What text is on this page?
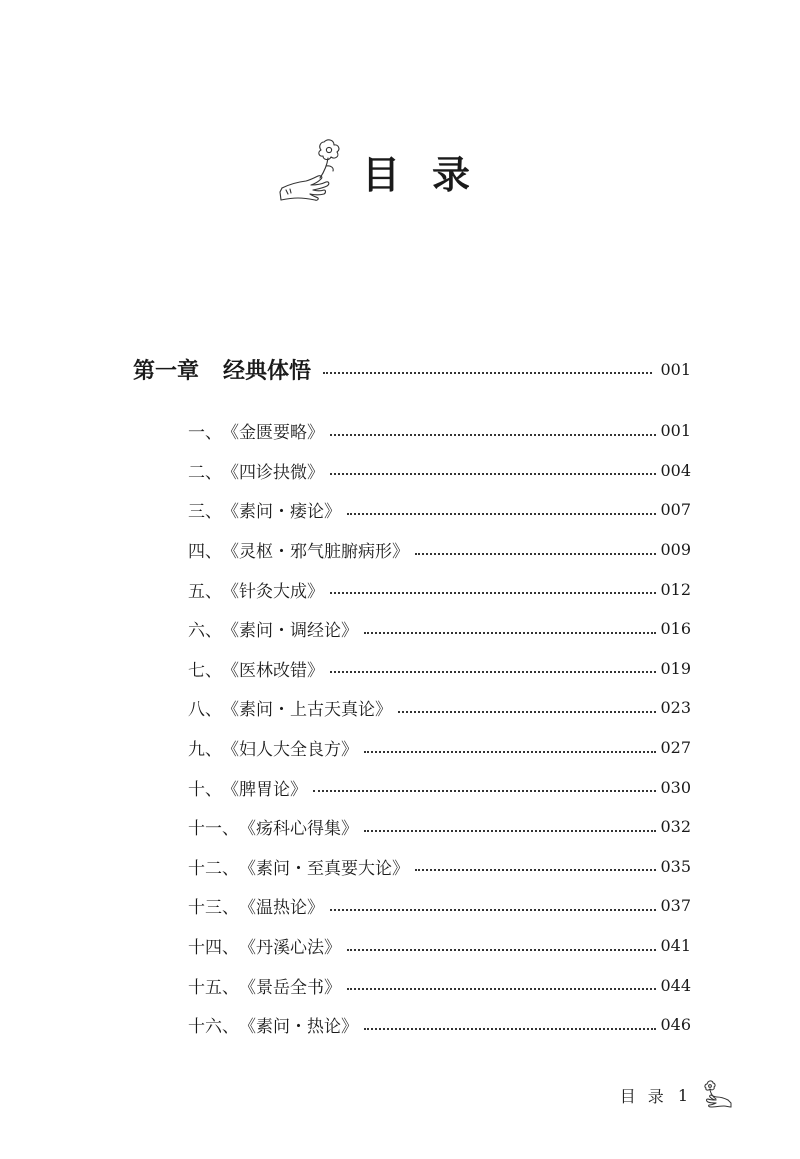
目录
第一章 经典体悟	001
一、 《金匮要略》	001
二、 《四诊抉微》	004
三、 《素问・痿论》	007
四、 《灵枢・邪气脏腑病形》	009
五、 《针灸大成》	012
六、 《素问・调经论》	016
七、 《医林改错》	019
八、 《素问・上古天真论》	023
九、 《妇人大全良方》	027
十、 《脾胃论》	030
十一、 《疡科心得集》	032
十二、 《素问・至真要大论》	035
十三、 《温热论》	037
十四、 《丹溪心法》	041
十五、 《景岳全书》	044
十六、 《素问・热论》	046
目录 1
